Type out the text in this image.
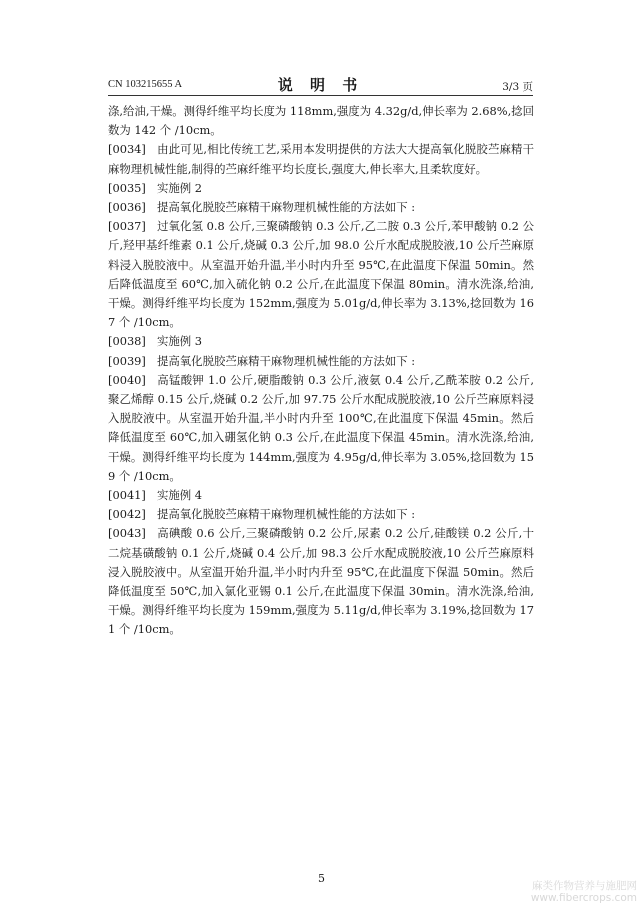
CN 103215655 A	说 明 书	3/3 页

涤,给油,干燥。测得纤维平均长度为 118mm,强度为 4.32g/d,伸长率为 2.68%,捻回数为 142 个 /10cm。

[0034] 由此可见,相比传统工艺,采用本发明提供的方法大大提高氧化脱胶苎麻精干麻物理机械性能,制得的苎麻纤维平均长度长,强度大,伸长率大,且柔软度好。

[0035] 实施例 2

[0036] 提高氧化脱胶苎麻精干麻物理机械性能的方法如下 :

[0037] 过氧化氢 0.8 公斤,三聚磷酸钠 0.3 公斤,乙二胺 0.3 公斤,苯甲酸钠 0.2 公斤,羟甲基纤维素 0.1 公斤,烧碱 0.3 公斤,加 98.0 公斤水配成脱胶液,10 公斤苎麻原料浸入脱胶液中。从室温开始升温,半小时内升至 95℃,在此温度下保温 50min。然后降低温度至 60℃,加入硫化钠 0.2 公斤,在此温度下保温 80min。清水洗涤,给油,干燥。测得纤维平均长度为 152mm,强度为 5.01g/d,伸长率为 3.13%,捻回数为 167 个 /10cm。

[0038] 实施例 3

[0039] 提高氧化脱胶苎麻精干麻物理机械性能的方法如下 :

[0040] 高锰酸钾 1.0 公斤,硬脂酸钠 0.3 公斤,液氨 0.4 公斤,乙酰苯胺 0.2 公斤,聚乙烯醇 0.15 公斤,烧碱 0.2 公斤,加 97.75 公斤水配成脱胶液,10 公斤苎麻原料浸入脱胶液中。从室温开始升温,半小时内升至 100℃,在此温度下保温 45min。然后降低温度至 60℃,加入硼氢化钠 0.3 公斤,在此温度下保温 45min。清水洗涤,给油,干燥。测得纤维平均长度为 144mm,强度为 4.95g/d,伸长率为 3.05%,捻回数为 159 个 /10cm。

[0041] 实施例 4

[0042] 提高氧化脱胶苎麻精干麻物理机械性能的方法如下 :

[0043] 高碘酸 0.6 公斤,三聚磷酸钠 0.2 公斤,尿素 0.2 公斤,硅酸镁 0.2 公斤,十二烷基磺酸钠 0.1 公斤,烧碱 0.4 公斤,加 98.3 公斤水配成脱胶液,10 公斤苎麻原料浸入脱胶液中。从室温开始升温,半小时内升至 95℃,在此温度下保温 50min。然后降低温度至 50℃,加入氯化亚锡 0.1 公斤,在此温度下保温 30min。清水洗涤,给油,干燥。测得纤维平均长度为 159mm,强度为 5.11g/d,伸长率为 3.19%,捻回数为 171 个 /10cm。

5
麻类作物营养与施肥网
www.fibercrops.com
